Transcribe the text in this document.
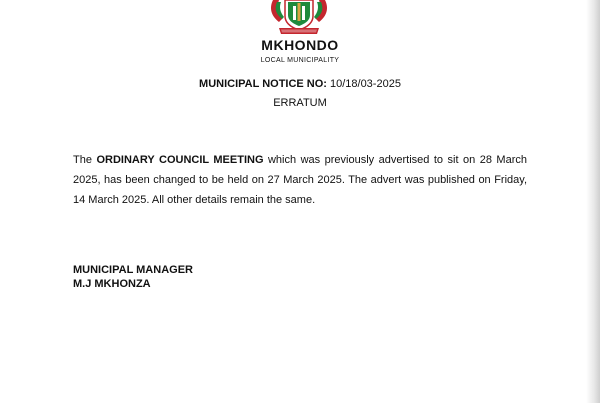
MKHONDO
LOCAL MUNICIPALITY
MUNICIPAL NOTICE NO: 10/18/03-2025
ERRATUM
The ORDINARY COUNCIL MEETING which was previously advertised to sit on 28 March 2025, has been changed to be held on 27 March 2025. The advert was published on Friday, 14 March 2025. All other details remain the same.
MUNICIPAL MANAGER
M.J MKHONZA
